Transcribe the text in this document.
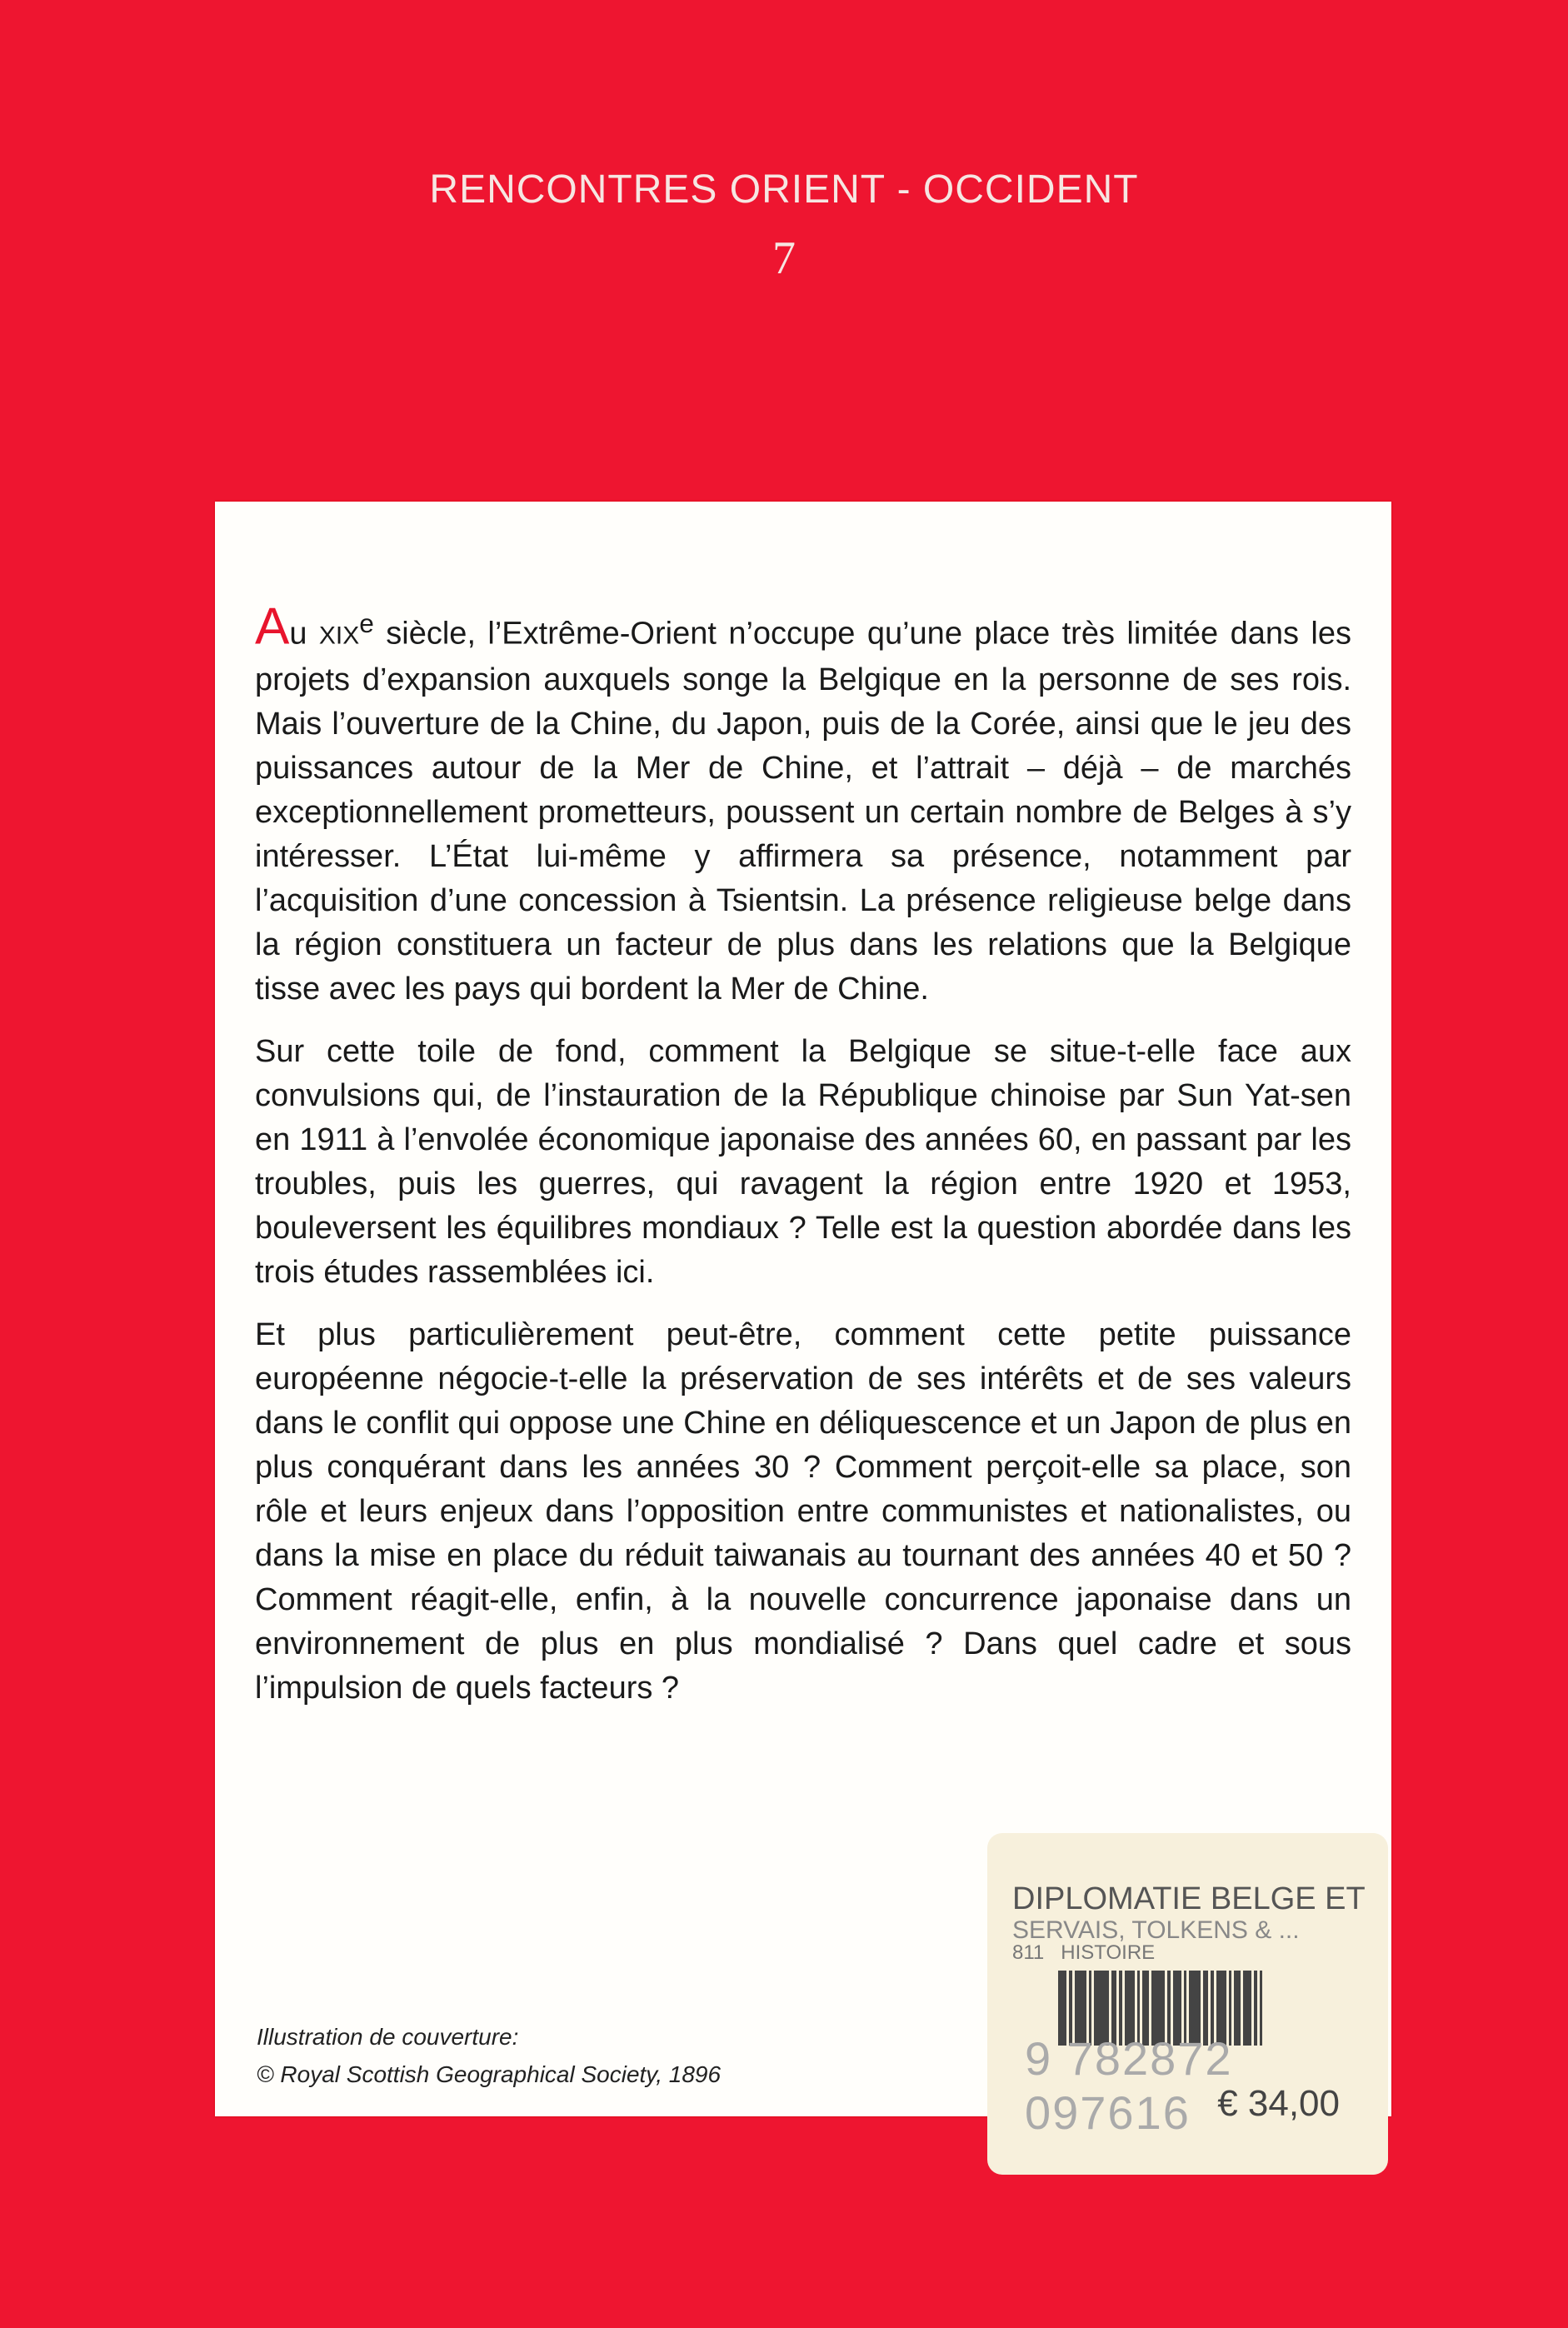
RENCONTRES ORIENT - OCCIDENT
7

Au XIXe siècle, l’Extrême-Orient n’occupe qu’une place très limitée dans les projets d’expansion auxquels songe la Belgique en la personne de ses rois. Mais l’ouverture de la Chine, du Japon, puis de la Corée, ainsi que le jeu des puissances autour de la Mer de Chine, et l’attrait – déjà – de marchés exceptionnellement prometteurs, poussent un certain nombre de Belges à s’y intéresser. L’État lui-même y affirmera sa présence, notamment par l’acquisition d’une concession à Tsientsin. La présence religieuse belge dans la région constituera un facteur de plus dans les relations que la Belgique tisse avec les pays qui bordent la Mer de Chine.

Sur cette toile de fond, comment la Belgique se situe-t-elle face aux convulsions qui, de l’instauration de la République chinoise par Sun Yat-sen en 1911 à l’envolée économique japonaise des années 60, en passant par les troubles, puis les guerres, qui ravagent la région entre 1920 et 1953, bouleversent les équilibres mondiaux ? Telle est la question abordée dans les trois études rassemblées ici.

Et plus particulièrement peut-être, comment cette petite puissance européenne négocie-t-elle la préservation de ses intérêts et de ses valeurs dans le conflit qui oppose une Chine en déliquescence et un Japon de plus en plus conquérant dans les années 30 ? Comment perçoit-elle sa place, son rôle et leurs enjeux dans l’opposition entre communistes et nationalistes, ou dans la mise en place du réduit taiwanais au tournant des années 40 et 50 ? Comment réagit-elle, enfin, à la nouvelle concurrence japonaise dans un environnement de plus en plus mondialisé ? Dans quel cadre et sous l’impulsion de quels facteurs ?

Illustration de couverture:
© Royal Scottish Geographical Society, 1896
DIPLOMATIE BELGE ET
SERVAIS, TOLKENS & ...
811 HISTOIRE
9 782872 097616 € 34,00
